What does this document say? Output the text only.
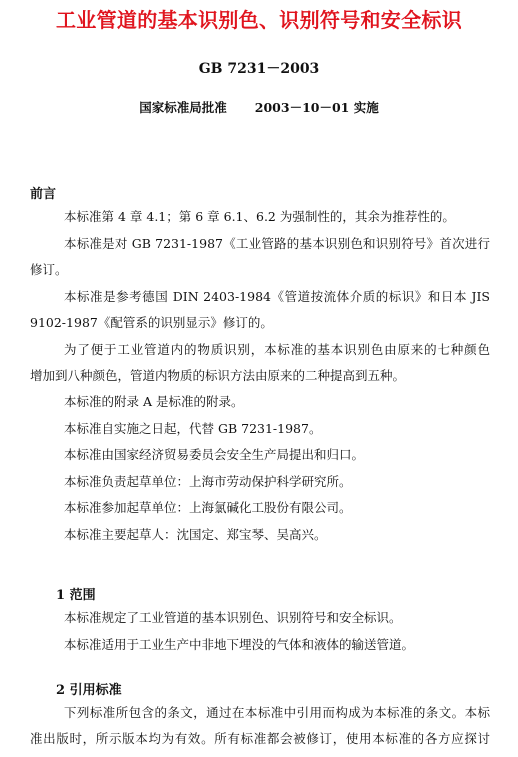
工业管道的基本识别色、识别符号和安全标识
GB 7231－2003
国家标准局批准 2003－10－01 实施
前言
本标准第 4 章 4.1；第 6 章 6.1、6.2 为强制性的，其余为推荐性的。
本标准是对 GB 7231-1987《工业管路的基本识别色和识别符号》首次进行
修订。
本标准是参考德国 DIN 2403-1984《管道按流体介质的标识》和日本 JIS
9102-1987《配管系的识别显示》修订的。
为了便于工业管道内的物质识别，本标准的基本识别色由原来的七种颜色
增加到八种颜色，管道内物质的标识方法由原来的二种提高到五种。
本标准的附录 A 是标准的附录。
本标准自实施之日起，代替 GB 7231-1987。
本标准由国家经济贸易委员会安全生产局提出和归口。
本标准负责起草单位：上海市劳动保护科学研究所。
本标准参加起草单位：上海氯碱化工股份有限公司。
本标准主要起草人：沈国定、郑宝琴、吴高兴。
1 范围
本标准规定了工业管道的基本识别色、识别符号和安全标识。
本标准适用于工业生产中非地下埋没的气体和液体的输送管道。
2 引用标准
下列标准所包含的条文，通过在本标准中引用而构成为本标准的条文。本标
准出版时，所示版本均为有效。所有标准都会被修订，使用本标准的各方应探讨
